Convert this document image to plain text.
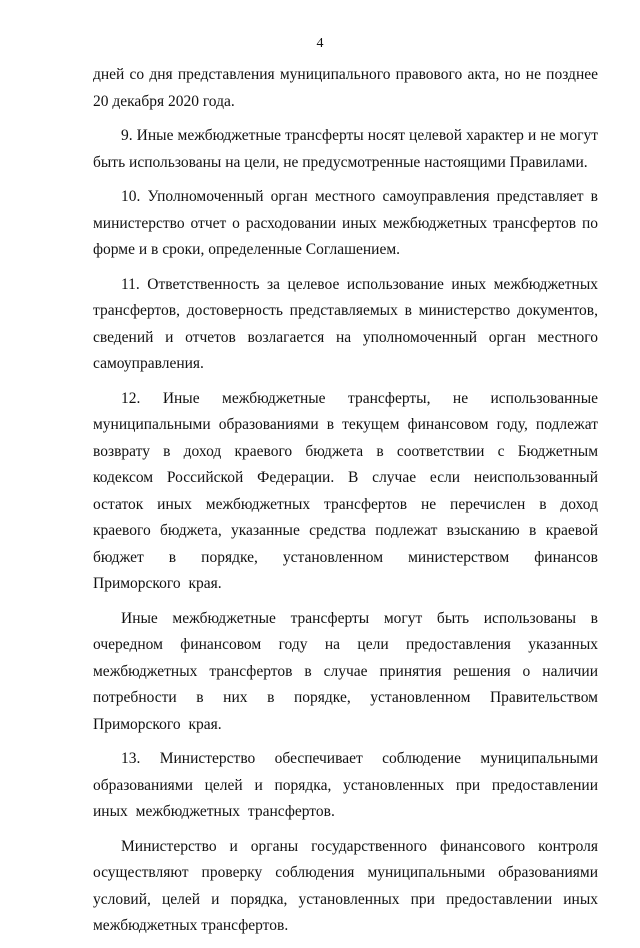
4

дней со дня представления муниципального правового акта, но не позднее 20 декабря 2020 года.

9. Иные межбюджетные трансферты носят целевой характер и не могут быть использованы на цели, не предусмотренные настоящими Правилами.

10. Уполномоченный орган местного самоуправления представляет в министерство отчет о расходовании иных межбюджетных трансфертов по форме и в сроки, определенные Соглашением.

11. Ответственность за целевое использование иных межбюджетных трансфертов, достоверность представляемых в министерство документов, сведений и отчетов возлагается на уполномоченный орган местного самоуправления.

12. Иные межбюджетные трансферты, не использованные муниципальными образованиями в текущем финансовом году, подлежат возврату в доход краевого бюджета в соответствии с Бюджетным кодексом Российской Федерации. В случае если неиспользованный остаток иных межбюджетных трансфертов не перечислен в доход краевого бюджета, указанные средства подлежат взысканию в краевой бюджет в порядке, установленном министерством финансов Приморского края.

Иные межбюджетные трансферты могут быть использованы в очередном финансовом году на цели предоставления указанных межбюджетных трансфертов в случае принятия решения о наличии потребности в них в порядке, установленном Правительством Приморского края.

13. Министерство обеспечивает соблюдение муниципальными образованиями целей и порядка, установленных при предоставлении иных межбюджетных трансфертов.

Министерство и органы государственного финансового контроля осуществляют проверку соблюдения муниципальными образованиями условий, целей и порядка, установленных при предоставлении иных межбюджетных трансфертов.
